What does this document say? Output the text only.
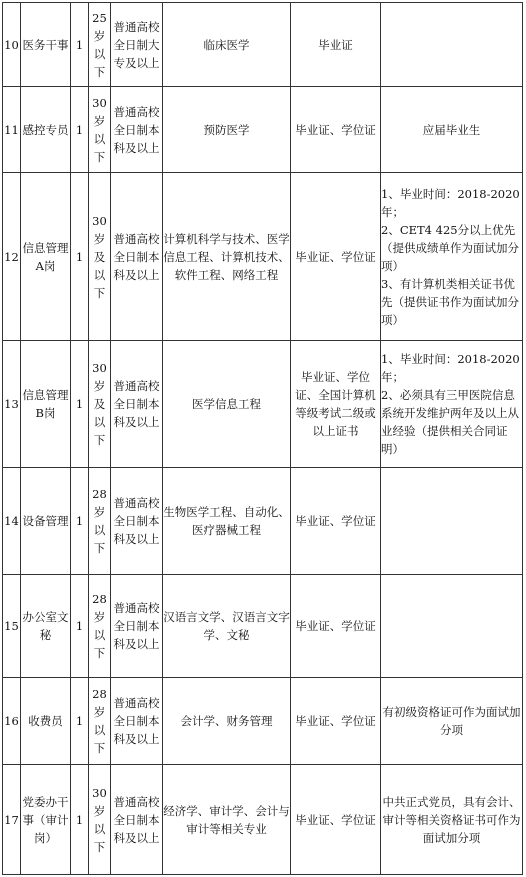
10	医务干事	1	25岁以下	普通高校全日制大专及以上	临床医学	毕业证	
11	感控专员	1	30岁以下	普通高校全日制本科及以上	预防医学	毕业证、学位证	应届毕业生

12	信息管理A岗	1	30岁及以下	普通高校全日制本科及以上	计算机科学与技术、医学信息工程、计算机技术、软件工程、网络工程	毕业证、学位证	1、毕业时间：2018-2020年；
2、CET4 425分以上优先（提供成绩单作为面试加分项）
3、有计算机类相关证书优先（提供证书作为面试加分项）

13	信息管理B岗	1	30岁及以下	普通高校全日制本科及以上	医学信息工程	毕业证、学位证、全国计算机等级考试二级或以上证书	1、毕业时间：2018-2020年；
2、必须具有三甲医院信息系统开发维护两年及以上从业经验（提供相关合同证明）

14	设备管理	1	28岁以下	普通高校全日制本科及以上	生物医学工程、自动化、医疗器械工程	毕业证、学位证	
15	办公室文秘	1	28岁以下	普通高校全日制本科及以上	汉语言文学、汉语言文字学、文秘	毕业证、学位证	
16	收费员	1	28岁以下	普通高校全日制本科及以上	会计学、财务管理	毕业证、学位证	有初级资格证可作为面试加分项

17	党委办干事（审计岗）	1	30岁以下	普通高校全日制本科及以上	经济学、审计学、会计与审计等相关专业	毕业证、学位证	中共正式党员，具有会计、审计等相关资格证书可作为面试加分项
